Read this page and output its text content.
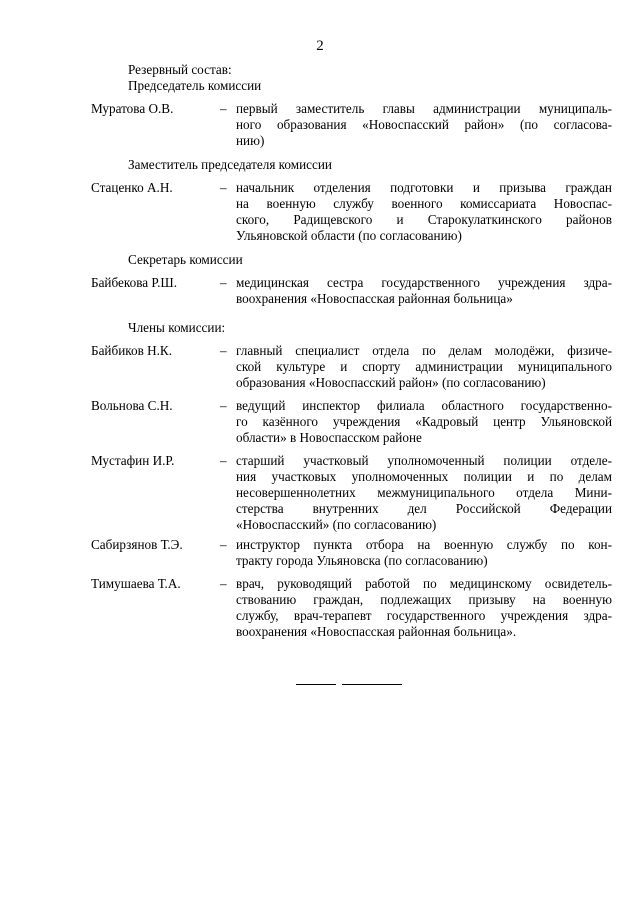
2
Резервный состав:
Председатель комиссии
Муратова О.В.	– первый заместитель главы администрации муниципаль-
ного образования «Новоспасский район» (по согласова-
нию)
Заместитель председателя комиссии
Стаценко А.Н.	– начальник отделения подготовки и призыва граждан
на военную службу военного комиссариата Новоспас-
ского, Радищевского и Старокулаткинского районов
Ульяновской области (по согласованию)
Секретарь комиссии
Байбекова Р.Ш.	– медицинская сестра государственного учреждения здра-
воохранения «Новоспасская районная больница»
Члены комиссии:
Байбиков Н.К.	– главный специалист отдела по делам молодёжи, физиче-
ской культуре и спорту администрации муниципального
образования «Новоспасский район» (по согласованию)
Вольнова С.Н.	– ведущий инспектор филиала областного государственно-
го казённого учреждения «Кадровый центр Ульяновской
области» в Новоспасском районе
Мустафин И.Р.	– старший участковый уполномоченный полиции отделе-
ния участковых уполномоченных полиции и по делам
несовершеннолетних межмуниципального отдела Мини-
стерства внутренних дел Российской Федерации
«Новоспасский» (по согласованию)
Сабирзянов Т.Э.	– инструктор пункта отбора на военную службу по кон-
тракту города Ульяновска (по согласованию)
Тимушаева Т.А.	– врач, руководящий работой по медицинскому освидетель-
ствованию граждан, подлежащих призыву на военную
службу, врач-терапевт государственного учреждения здра-
воохранения «Новоспасская районная больница».
